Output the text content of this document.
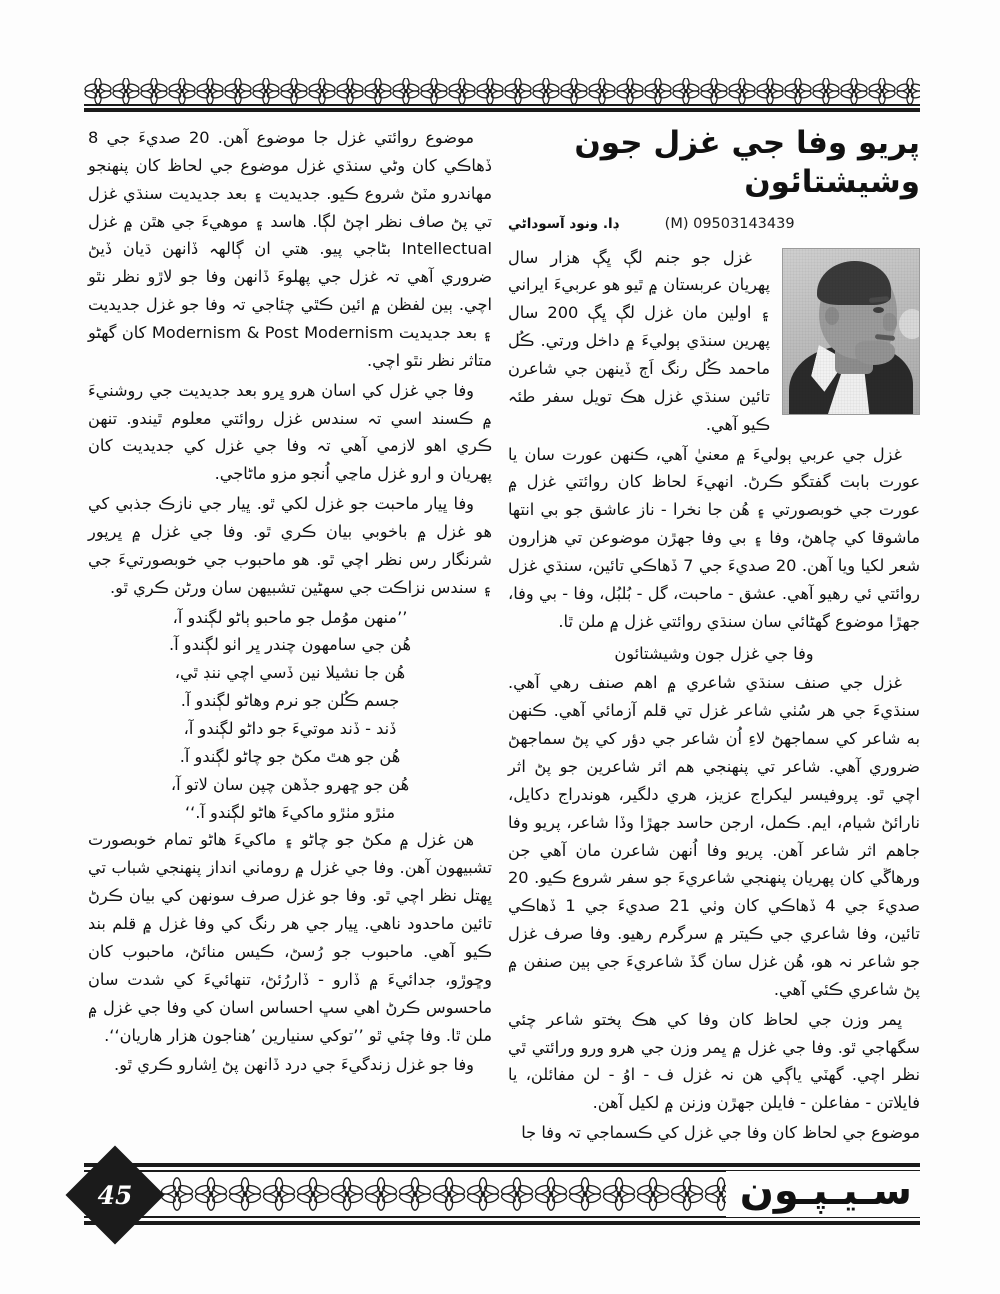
موضوع روائتي غزل جا موضوع آهن. 20 صديءَ جي 8 ڏهاڪي کان وڻي سنڌي غزل موضوع جي لحاظ کان پنهنجو مهاندرو مٽڻ شروع ڪيو. جديديت ۽ بعد جديديت سنڌي غزل تي پڻ صاف نظر اچڻ لڳا. هاسد ۽ موهيءَ جي هٿن ۾ غزل Intellectual بڻاجي پيو. هتي ان ڳالهہ ڏانهن ڌيان ڏيڻ ضروري آهي تہ غزل جي پهلوءَ ڏانهن وفا جو لاڙو نظر نٿو اچي. ٻين لفظن ۾ ائين ڪٿي چئاجي تہ وفا جو غزل جديديت ۽ بعد جديديت Modernism & Post Modernism کان گهڻو متاثر نظر نٿو اچي.

وفا جي غزل کي اسان هرو ڀرو بعد جديديت جي روشنيءَ ۾ ڪسند اسي تہ سندس غزل روائتي معلوم ٿيندو. تنهن ڪري اهو لازمي آهي تہ وفا جي غزل کي جديديت کان پهريان و ارو غزل ماڃي اُنجو مزو ماڻاجي.

وفا ڀيار ماحبت جو غزل لکي ٿو. ڀيار جي نازڪ جذبي کي هو غزل ۾ باخوبي بيان ڪري ٿو. وفا جي غزل ۾ ڀرپور شرنگار رس نظر اچي ٿو. هو ماحبوب جي خوبصورتيءَ جي ۽ سندس نزاڪت جي سهڻين تشبيهن سان ورڻن ڪري ٿو.

’’منهن موُمل جو ماحبو ٻاڻو لڳندو آ،

هُن جي سامهون چندر ڀر اٺو لڳندو آ.

هُن جا نشيلا نين ڏسي اچي ننڊ ٿي،

جسم ڪُلن جو نرم وهاڻو لڳندو آ.

ڏند - ڏند موتيءَ جو داڻو لڳندو آ،

هُن جو هٿ مکڻ جو چاڻو لڳندو آ.

هُن جو ڇهرو جڏهن چپن سان لاتو آ،

مٺڙو مٺڙو ماکيءَ هاڻو لڳندو آ.‘‘

هن غزل ۾ مکڻ جو چاڻو ۽ ماکيءَ هاڻو تمام خوبصورت تشبيهون آهن. وفا جي غزل ۾ روماني انداز پنهنجي شباب تي ڀهتل نظر اچي ٿو. وفا جو غزل صرف سونهن کي بيان ڪرڻ تائين ماحدود ناهي. ڀيار جي هر رنگ کي وفا غزل ۾ قلم بند ڪيو آهي. ماحبوب جو رُسڻ، ڪيس منائڻ، ماحبوب کان وڇوڙو، جدائيءَ ۾ ڏارو - ڏاررُئڻ، تنهائيءَ کي شدت سان ماحسوس ڪرڻ اهي سڀ احساس اسان کي وفا جي غزل ۾ ملن ٿا. وفا چئي ٿو ’’توکي سنيارين ’هناجون هزار هاريان‘‘.

وفا جو غزل زندگيءَ جي درد ڏانهن پڻ اِشارو ڪري ٿو.

پريو وفا جي غزل جون وشيشتائون
ڊا. ونود آسوداڻي	(M) 09503143439

غزل جو جنم لڳ ڀڳ هزار سال پهريان عربستان ۾ ٿيو هو عربيءَ ايراني ۽ اولين مان غزل لڳ ڀڳ 200 سال پهرين سنڌي ٻوليءَ ۾ داخل ورتي. ڪُل ماحمد ڪُل رنگ اَڄ ڏينهن جي شاعرن تائين سنڌي غزل هڪ تويل سفر طئہ ڪيو آهي.

غزل جي عربي ٻوليءَ ۾ معنيٰ آهي، ڪنهن عورت سان يا عورت بابت گفتگو ڪرڻ. انهيءَ لحاظ کان روائتي غزل ۾ عورت جي خوبصورتي ۽ هُن جا نخرا - ناز عاشق جو بي انتها ماشوقا کي چاهڻ، وفا ۽ بي وفا جهڙن موضوعن تي هزارون شعر لکيا ويا آهن. 20 صديءَ جي 7 ڏهاڪي تائين، سنڌي غزل روائتي ئي رهيو آهي. عشق - ماحبت، گل - بُلبُل، وفا - بي وفا، جهڙا موضوع گهڻائي سان سنڌي روائتي غزل ۾ ملن ٿا.

وفا جي غزل جون وشيشتائون

غزل جي صنف سنڌي شاعري ۾ اهم صنف رهي آهي. سنڌيءَ جي هر سُٺي شاعر غزل تي قلم آزمائي آهي. ڪنهن به شاعر کي سماجهڻ لاءِ اُن شاعر جي دؤر کي پڻ سماجهڻ ضروري آهي. شاعر تي پنهنجي هم اثر شاعرين جو پڻ اثر اچي ٿو. پروفيسر ليکراج عزيز، هري دلگير، هوندراج دکايل، نارائڻ شيام، ايم. ڪمل، ارجن حاسد جهڙا وڏا شاعر، پريو وفا جاهم اثر شاعر آهن. پريو وفا اُنهن شاعرن مان آهي جن ورهاڱي کان پهريان پنهنجي شاعريءَ جو سفر شروع ڪيو. 20 صديءَ جي 4 ڏهاڪي کان وٺي 21 صديءَ جي 1 ڏهاڪي تائين، وفا شاعري جي ڪيتر ۾ سرگرم رهيو. وفا صرف غزل جو شاعر نہ هو، هُن غزل سان گڏ شاعريءَ جي ٻين صنفن ۾ پڻ شاعري ڪئي آهي.

ڀمر وزن جي لحاظ کان وفا کي هڪ پختو شاعر چئي سگهاجي ٿو. وفا جي غزل ۾ ڀمر وزن جي هرو ورو ورائتي ٿي نظر اچي. گهٽي ياڳي هن نہ غزل ف - اوُ - لن مفائلن، يا فايلاتن - مفاعلن - فايلن جهڙن وزنن ۾ لکيل آهن.

موضوع جي لحاظ کان وفا جي غزل کي ڪسماجي تہ وفا جا

45	سـيـپـون
